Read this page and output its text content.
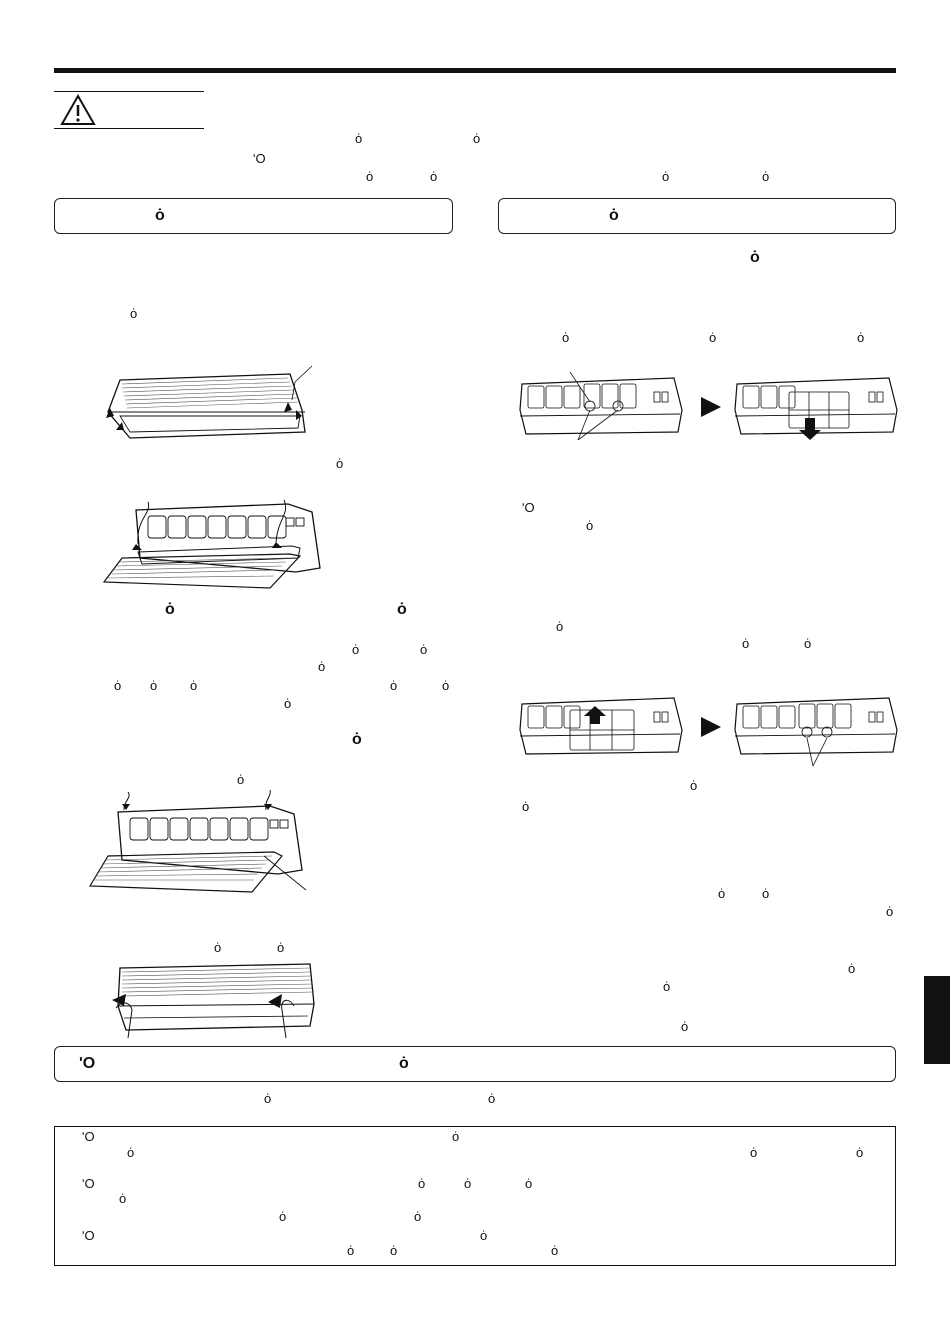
ȯ	ȯ
ʹO
ȯ	ȯ	ȯ	ȯ
ȯ	ȯ
ȯ
ȯ
ȯ	ȯ
ȯ	ȯ
ȯ
ȯ ȯ	ȯ	ȯ	ȯ
ȯ
ȯ
ȯ
ȯ	ȯ
ȯ
ȯ	ȯ	ȯ
ʹO
ȯ
ȯ
ȯ	ȯ
ȯ
ȯ
ȯ	ȯ
ȯ
ȯ
ȯ
ȯ
ʹO	ȯ
ȯ	ȯ
ʹO	ȯ
ȯ	ȯ	ȯ
ʹO	ȯ	ȯ	ȯ
ȯ
ȯ	ȯ
ʹO	ȯ
ȯ	ȯ	ȯ
